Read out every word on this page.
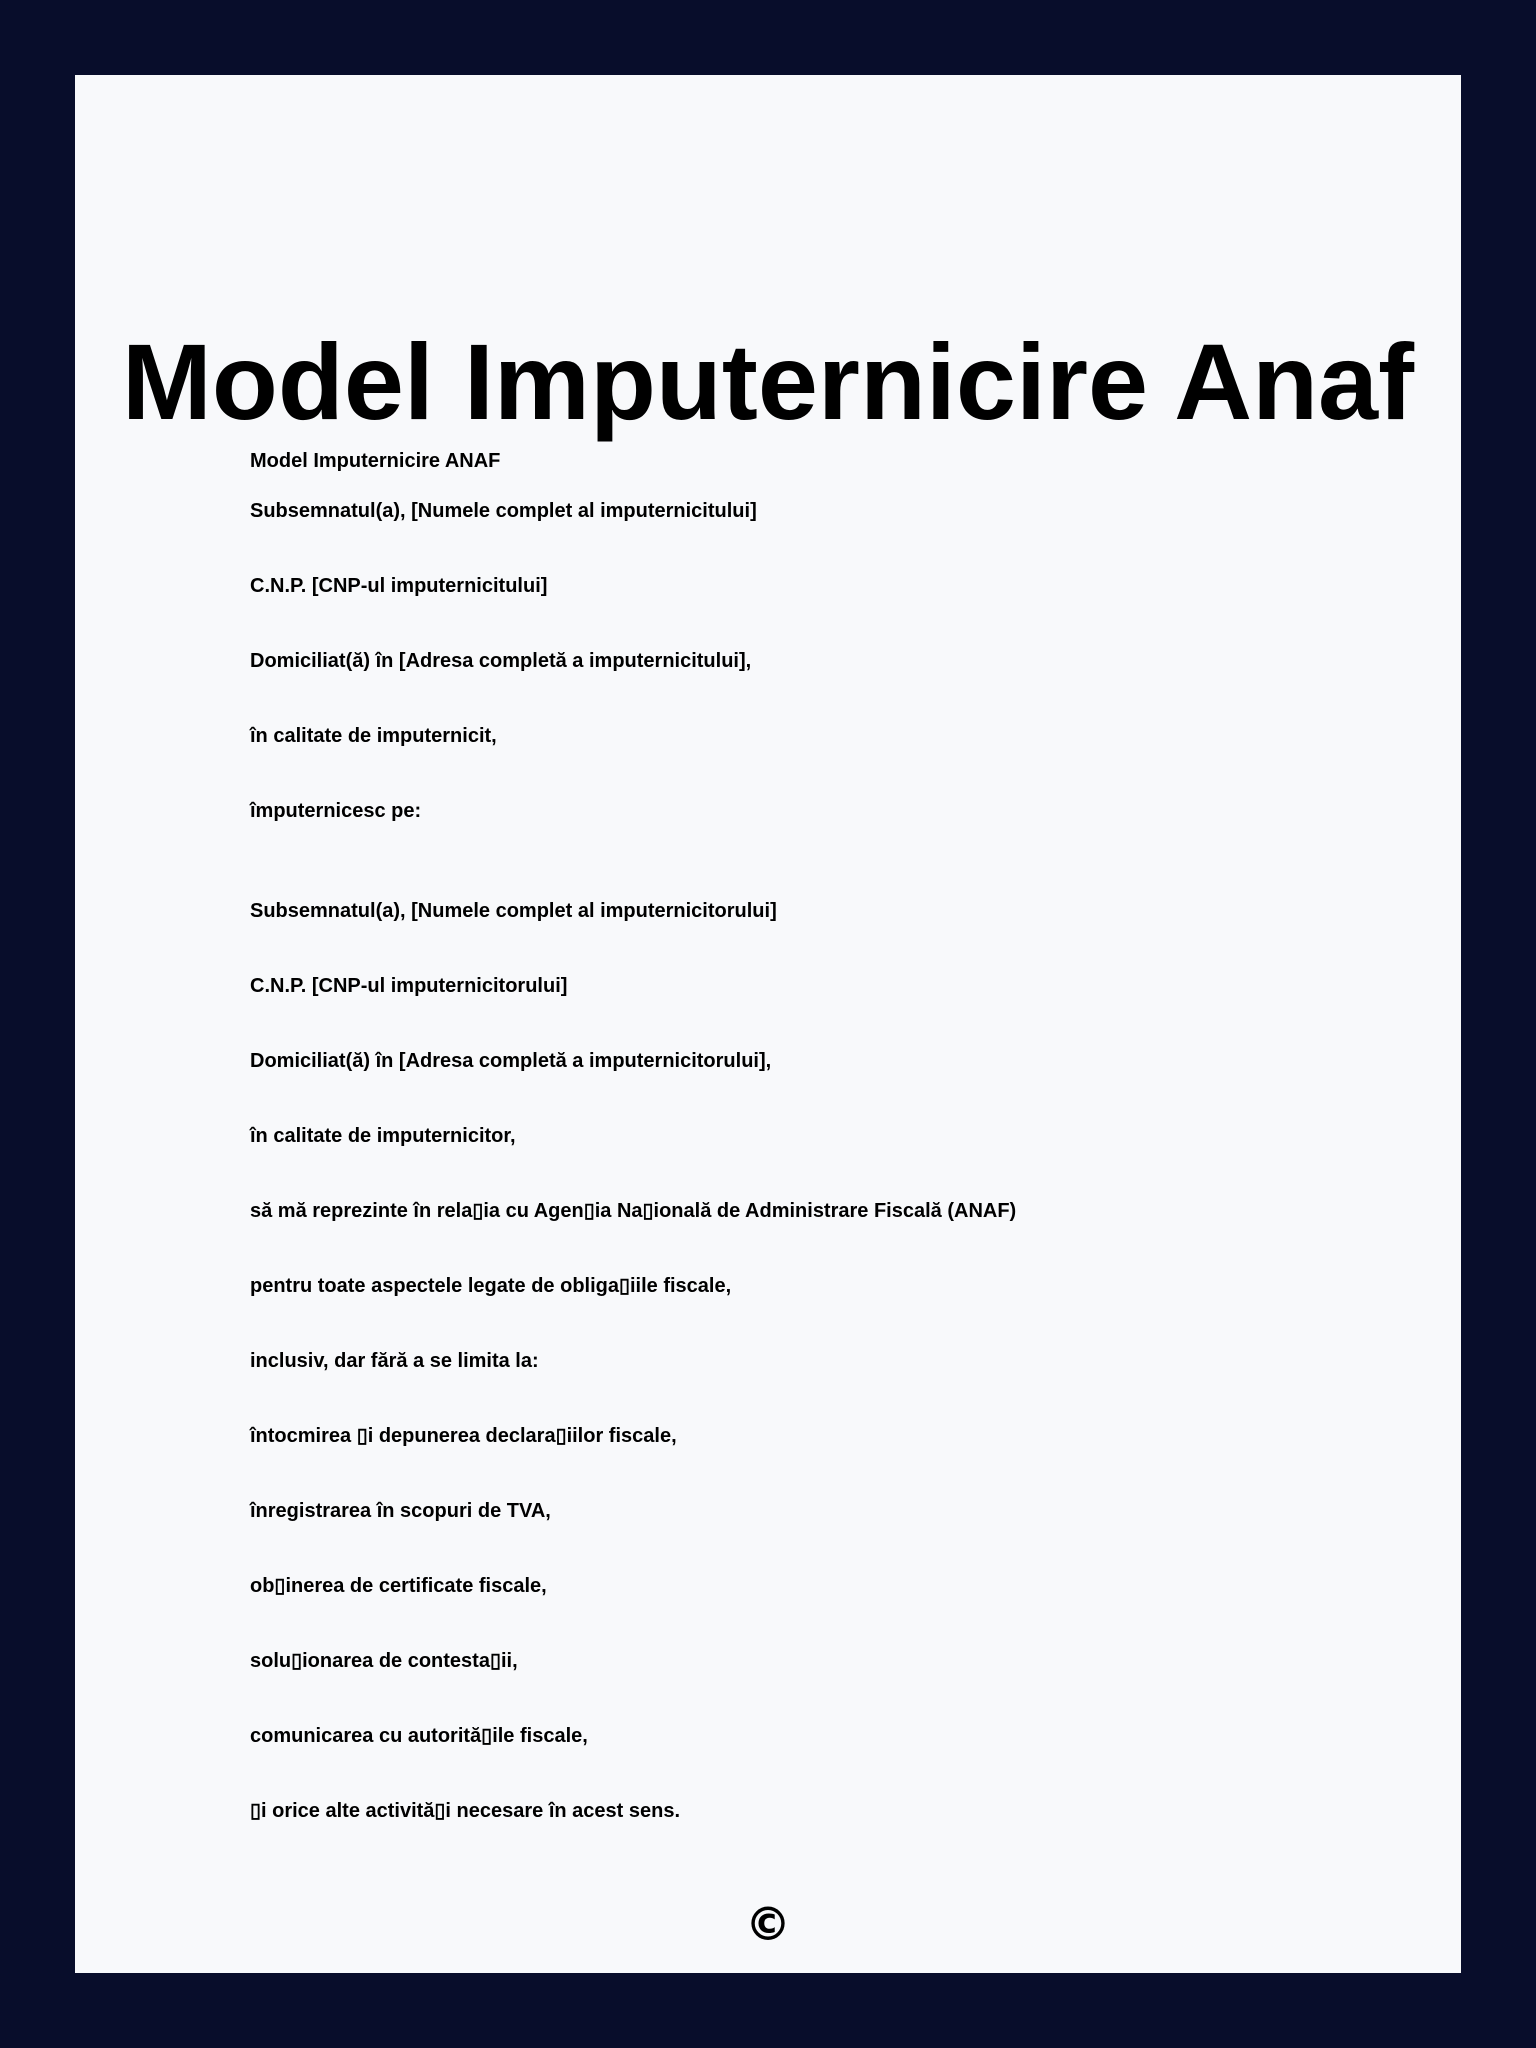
Model Imputernicire Anaf

Model Imputernicire ANAF

Subsemnatul(a), [Numele complet al imputernicitului]

C.N.P. [CNP-ul imputernicitului]

Domiciliat(ă) în [Adresa completă a imputernicitului],

în calitate de imputernicit,

împuternicesc pe:

Subsemnatul(a), [Numele complet al imputernicitorului]

C.N.P. [CNP-ul imputernicitorului]

Domiciliat(ă) în [Adresa completă a imputernicitorului],

în calitate de imputernicitor,

să mă reprezinte în rela▯ia cu Agen▯ia Na▯ională de Administrare Fiscală (ANAF)

pentru toate aspectele legate de obliga▯iile fiscale,

inclusiv, dar fără a se limita la:

întocmirea ▯i depunerea declara▯iilor fiscale,

înregistrarea în scopuri de TVA,

ob▯inerea de certificate fiscale,

solu▯ionarea de contesta▯ii,

comunicarea cu autorită▯ile fiscale,

▯i orice alte activită▯i necesare în acest sens.

©
